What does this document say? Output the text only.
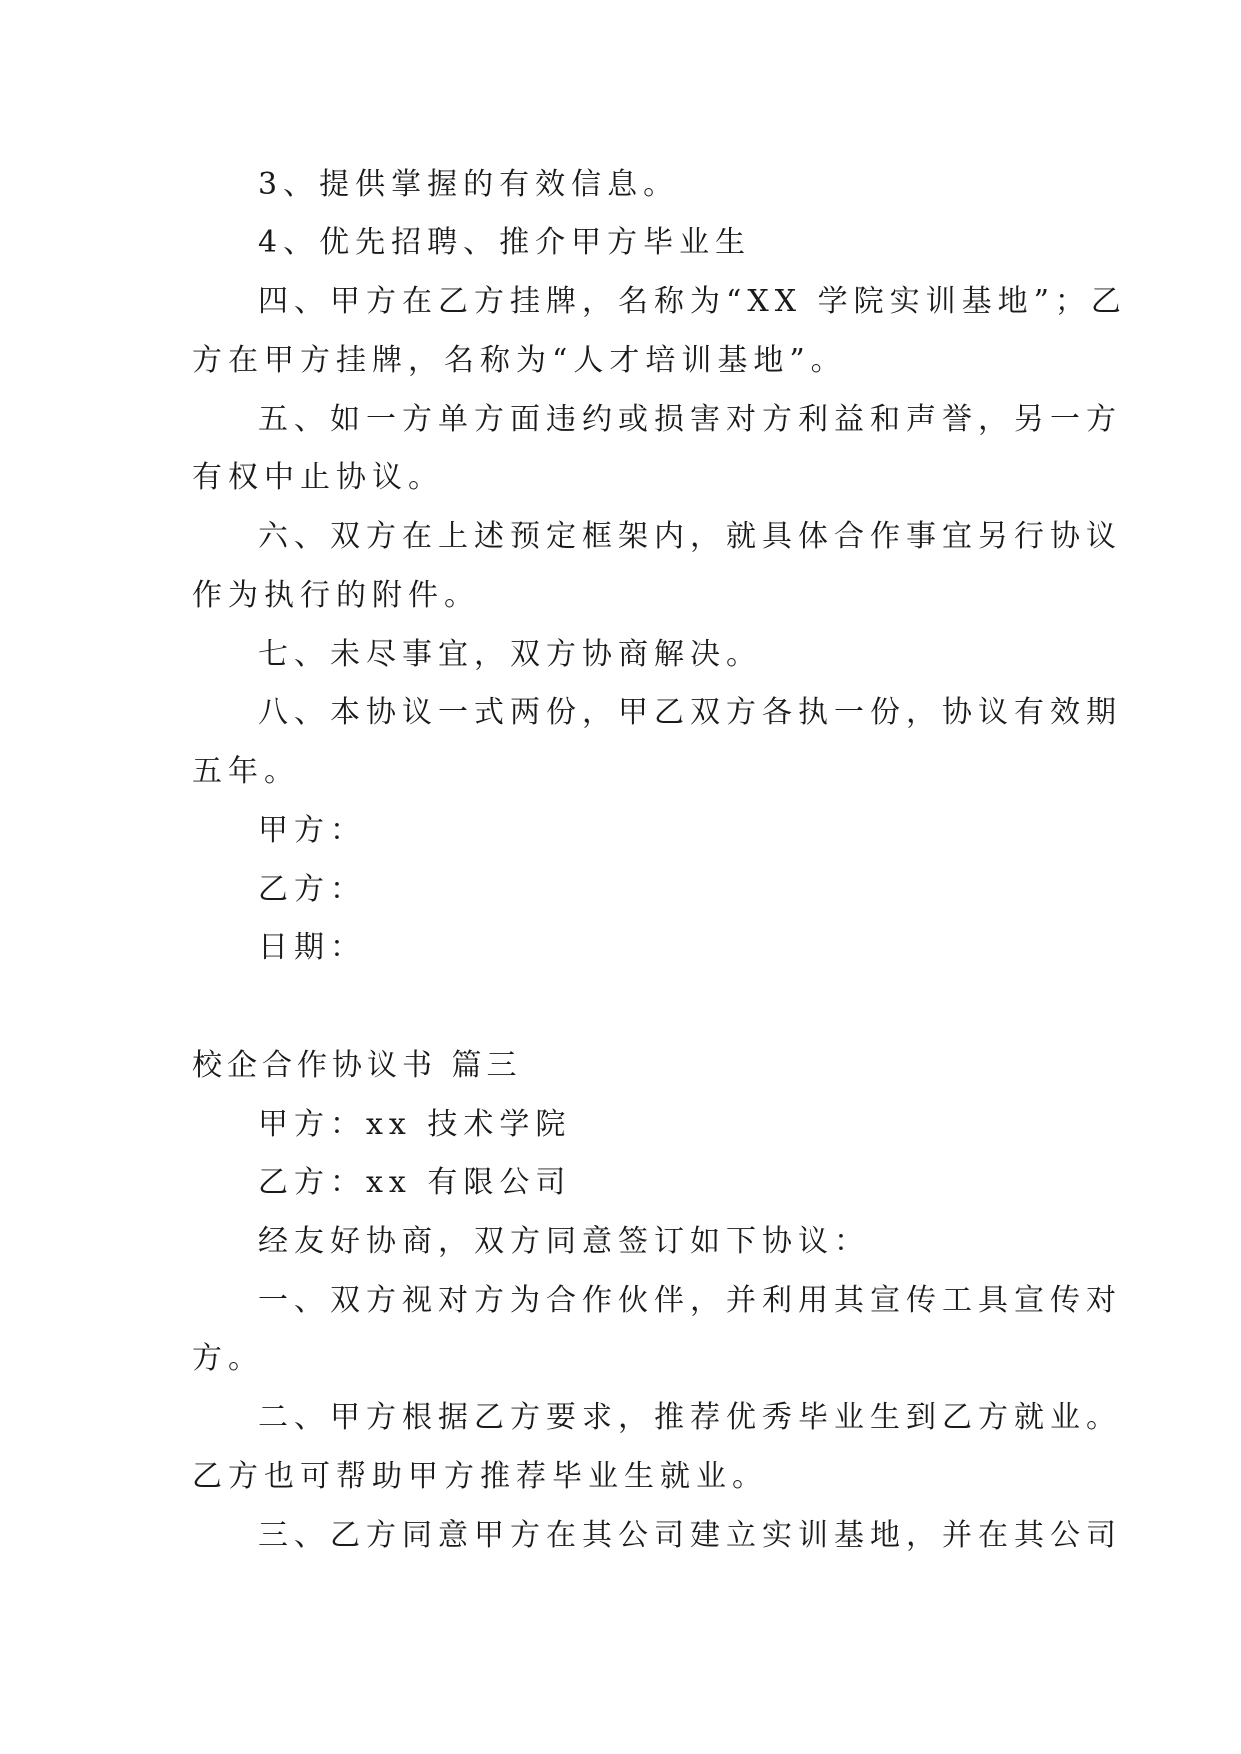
3、提供掌握的有效信息。
4、优先招聘、推介甲方毕业生
四、甲方在乙方挂牌，名称为“XX 学院实训基地”；乙
方在甲方挂牌，名称为“人才培训基地”。
五、如一方单方面违约或损害对方利益和声誉，另一方
有权中止协议。
六、双方在上述预定框架内，就具体合作事宜另行协议
作为执行的附件。
七、未尽事宜，双方协商解决。
八、本协议一式两份，甲乙双方各执一份，协议有效期
五年。
甲方：
乙方：
日期：
校企合作协议书 篇三
甲方：xx 技术学院
乙方：xx 有限公司
经友好协商，双方同意签订如下协议：
一、双方视对方为合作伙伴，并利用其宣传工具宣传对
方。
二、甲方根据乙方要求，推荐优秀毕业生到乙方就业。
乙方也可帮助甲方推荐毕业生就业。
三、乙方同意甲方在其公司建立实训基地，并在其公司
